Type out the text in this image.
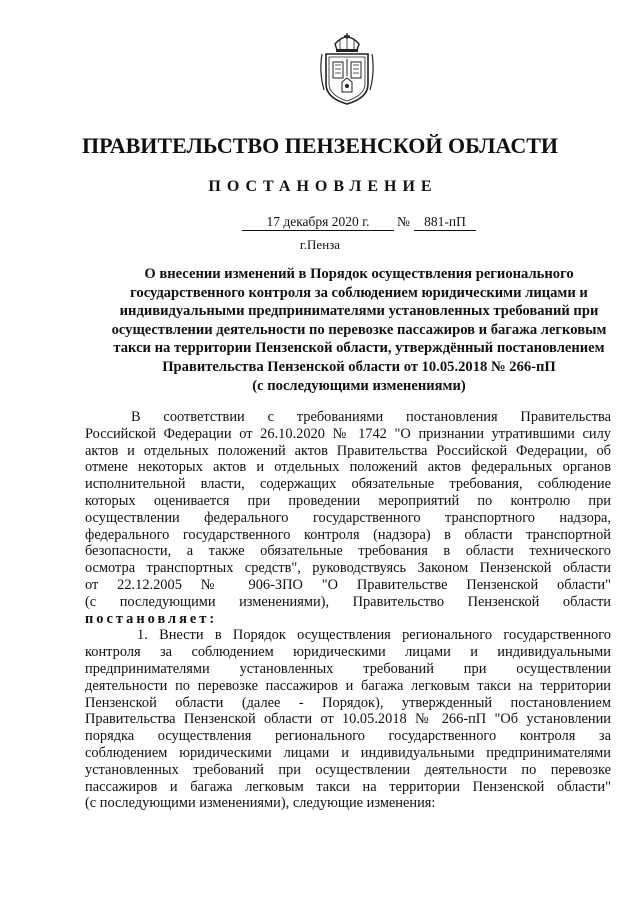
ПРАВИТЕЛЬСТВО ПЕНЗЕНСКОЙ ОБЛАСТИ
ПОСТАНОВЛЕНИЕ
17 декабря 2020 г.	№	881-пП
г.Пенза
О внесении изменений в Порядок осуществления регионального
государственного контроля за соблюдением юридическими лицами и
индивидуальными предпринимателями установленных требований при
осуществлении деятельности по перевозке пассажиров и багажа легковым
такси на территории Пензенской области, утверждённый постановлением
Правительства Пензенской области от 10.05.2018 № 266-пП
(с последующими изменениями)
В соответствии с требованиями постановления Правительства
Российской Федерации от 26.10.2020 № 1742 "О признании утратившими силу
актов и отдельных положений актов Правительства Российской Федерации, об
отмене некоторых актов и отдельных положений актов федеральных органов
исполнительной власти, содержащих обязательные требования, соблюдение
которых оценивается при проведении мероприятий по контролю при
осуществлении федерального государственного транспортного надзора,
федерального государственного контроля (надзора) в области транспортной
безопасности, а также обязательные требования в области технического
осмотра транспортных средств", руководствуясь Законом Пензенской области
от 22.12.2005 № 906-ЗПО "О Правительстве Пензенской области"
(с последующими изменениями), Правительство Пензенской области
постановляет:
1. Внести в Порядок осуществления регионального государственного
контроля за соблюдением юридическими лицами и индивидуальными
предпринимателями установленных требований при осуществлении
деятельности по перевозке пассажиров и багажа легковым такси на территории
Пензенской области (далее - Порядок), утвержденный постановлением
Правительства Пензенской области от 10.05.2018 № 266-пП "Об установлении
порядка осуществления регионального государственного контроля за
соблюдением юридическими лицами и индивидуальными предпринимателями
установленных требований при осуществлении деятельности по перевозке
пассажиров и багажа легковым такси на территории Пензенской области"
(с последующими изменениями), следующие изменения:
